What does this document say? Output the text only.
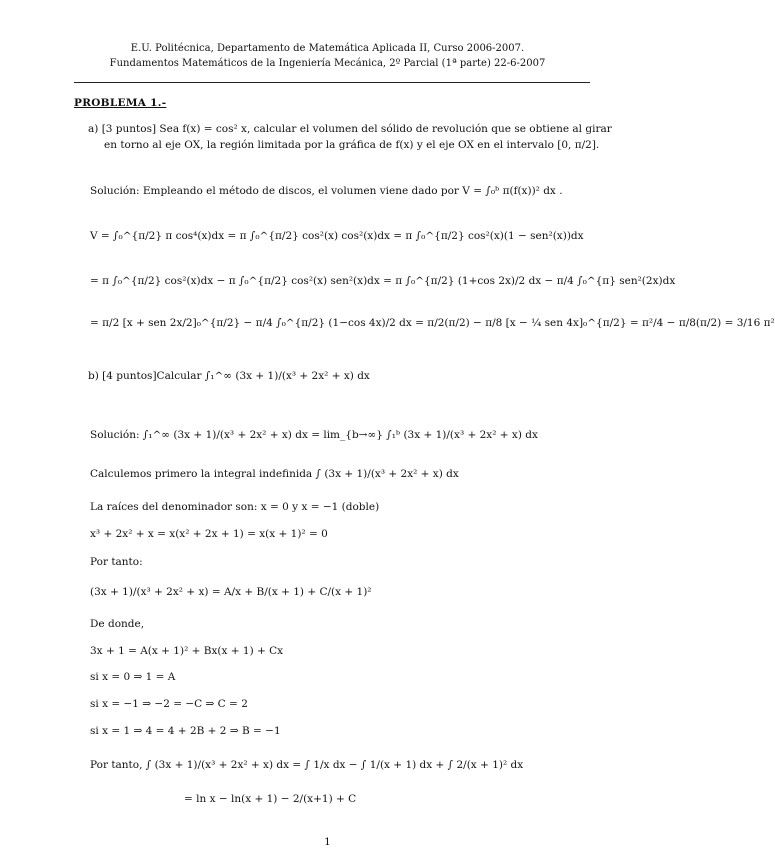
E.U. Politécnica, Departamento de Matemática Aplicada II, Curso 2006-2007.
Fundamentos Matemáticos de la Ingeniería Mecánica, 2º Parcial (1ª parte) 22-6-2007
PROBLEMA 1.-
a) [3 puntos] Sea f(x) = cos² x, calcular el volumen del sólido de revolución que se obtiene al girar
en torno al eje OX, la región limitada por la gráfica de f(x) y el eje OX en el intervalo [0, π/2].
Solución: Empleando el método de discos, el volumen viene dado por V = ∫₀ᵇ π(f(x))² dx .
V = ∫₀^{π/2} π cos⁴(x)dx = π ∫₀^{π/2} cos²(x) cos²(x)dx = π ∫₀^{π/2} cos²(x)(1 − sen²(x))dx
= π ∫₀^{π/2} cos²(x)dx − π ∫₀^{π/2} cos²(x) sen²(x)dx = π ∫₀^{π/2} (1+cos 2x)/2 dx − π/4 ∫₀^{π} sen²(2x)dx
= π/2 [x + sen 2x/2]₀^{π/2} − π/4 ∫₀^{π/2} (1−cos 4x)/2 dx = π/2(π/2) − π/8 [x − ¼ sen 4x]₀^{π/2} = π²/4 − π/8(π/2) = 3/16 π²
b) [4 puntos]Calcular ∫₁^∞ (3x + 1)/(x³ + 2x² + x) dx
Solución: ∫₁^∞ (3x + 1)/(x³ + 2x² + x) dx = lim_{b→∞} ∫₁ᵇ (3x + 1)/(x³ + 2x² + x) dx
Calculemos primero la integral indefinida ∫ (3x + 1)/(x³ + 2x² + x) dx
La raíces del denominador son: x = 0 y x = −1 (doble)
x³ + 2x² + x = x(x² + 2x + 1) = x(x + 1)² = 0
Por tanto:
(3x + 1)/(x³ + 2x² + x) = A/x + B/(x + 1) + C/(x + 1)²
De donde,
3x + 1 = A(x + 1)² + Bx(x + 1) + Cx
si x = 0 ⇒ 1 = A
si x = −1 ⇒ −2 = −C ⇒ C = 2
si x = 1 ⇒ 4 = 4 + 2B + 2 ⇒ B = −1
Por tanto, ∫ (3x + 1)/(x³ + 2x² + x) dx = ∫ 1/x dx − ∫ 1/(x + 1) dx + ∫ 2/(x + 1)² dx
= ln x − ln(x + 1) − 2/(x+1) + C
1
